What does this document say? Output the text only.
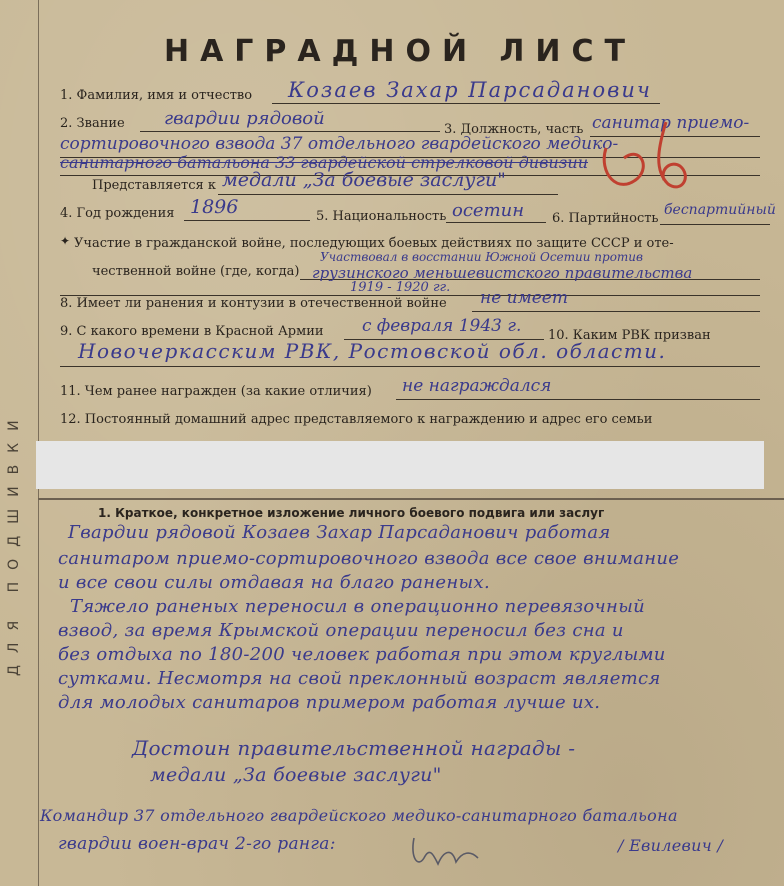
ДЛЯ ПОДШИВКИ
НАГРАДНОЙ ЛИСТ
1. Фамилия, имя и отчество Козаев Захар Парсаданович
2. Звание гвардии рядовой
3. Должность, часть санитар приемо-
сортировочного взвода 37 отдельного гвардейского медико-
санитарного батальона 33 гвардейской стрелковой дивизии
Представляется к медали „За боевые заслуги"
4. Год рождения 1896	5. Национальность осетин 6. Партийность
беспартийный
✦ Участие в гражданской войне, последующих боевых действиях по защите СССР и оте-
Участвовал в восстании Южной Осетии против
чественной войне (где, когда) грузинского меньшевистского правительства
1919 - 1920 гг.
8. Имеет ли ранения и контузии в отечественной войне не имеет
9. С какого времени в Красной Армии с февраля 1943 г. 10. Каким РВК призван
Новочеркасским РВК, Ростовской обл. области.
11. Чем ранее награжден (за какие отличия) не награждался
12. Постоянный домашний адрес представляемого к награждению и адрес его семьи
1. Краткое, конкретное изложение личного боевого подвига или заслуг
Гвардии рядовой Козаев Захар Парсаданович работая
санитаром приемо-сортировочного взвода все свое внимание
и все свои силы отдавая на благо раненых.
Тяжело раненых переносил в операционно перевязочный
взвод, за время Крымской операции переносил без сна и
без отдыха по 180-200 человек работая при этом круглыми
сутками. Несмотря на свой преклонный возраст является
для молодых санитаров примером работая лучше их.
Достоин правительственной награды -
медали „За боевые заслуги"
Командир 37 отдельного гвардейского медико-санитарного батальона
гвардии воен-врач 2-го ранга:	/ Евилевич /
